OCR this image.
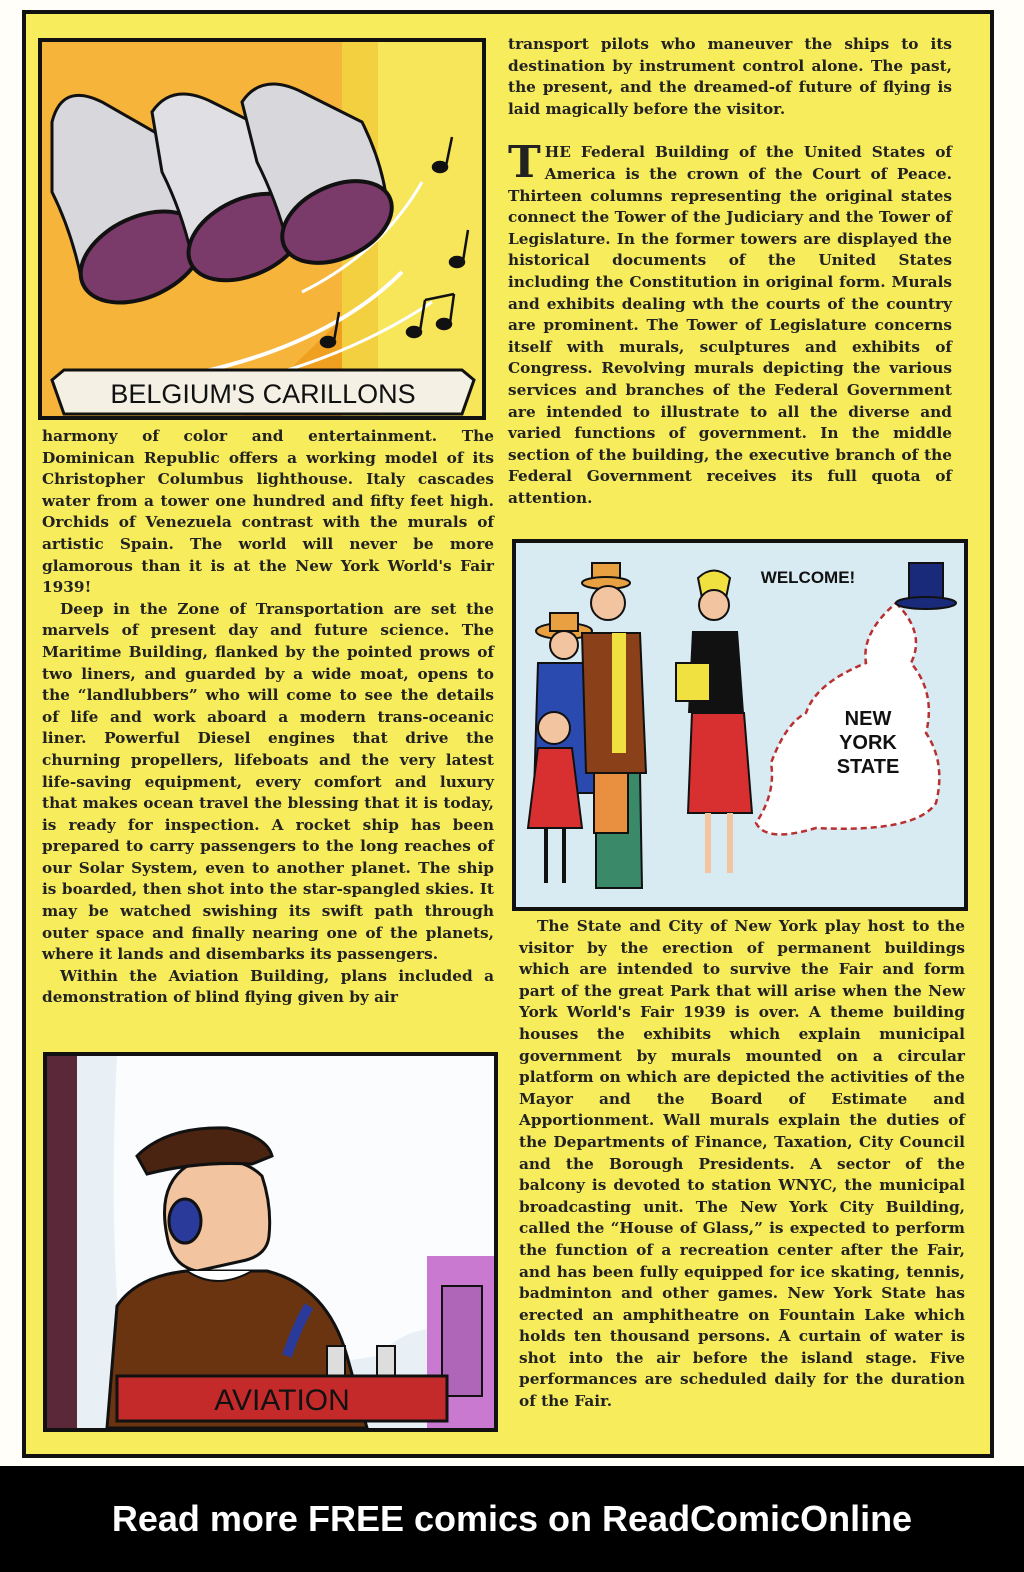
BELGIUM'S CARILLONS

harmony of color and entertainment. The Dominican Republic offers a working model of its Christopher Columbus lighthouse. Italy cascades water from a tower one hundred and fifty feet high. Orchids of Venezuela contrast with the murals of artistic Spain. The world will never be more glamorous than it is at the New York World's Fair 1939!

Deep in the Zone of Transportation are set the marvels of present day and future science. The Maritime Building, flanked by the pointed prows of two liners, and guarded by a wide moat, opens to the “landlubbers” who will come to see the details of life and work aboard a modern trans-oceanic liner. Powerful Diesel engines that drive the churning propellers, lifeboats and the very latest life-saving equipment, every comfort and luxury that makes ocean travel the blessing that it is today, is ready for inspection. A rocket ship has been prepared to carry passengers to the long reaches of our Solar System, even to another planet. The ship is boarded, then shot into the star-spangled skies. It may be watched swishing its swift path through outer space and finally nearing one of the planets, where it lands and disembarks its passengers.

Within the Aviation Building, plans included a demonstration of blind flying given by air

AVIATION

transport pilots who maneuver the ships to its destination by instrument control alone. The past, the present, and the dreamed-of future of flying is laid magically before the visitor.

THE Federal Building of the United States of America is the crown of the Court of Peace. Thirteen columns representing the original states connect the Tower of the Judiciary and the Tower of Legislature. In the former towers are displayed the historical documents of the United States including the Constitution in original form. Murals and exhibits dealing wth the courts of the country are prominent. The Tower of Legislature concerns itself with murals, sculptures and exhibits of Congress. Revolving murals depicting the various services and branches of the Federal Government are intended to illustrate to all the diverse and varied functions of government. In the middle section of the building, the executive branch of the Federal Government receives its full quota of attention.

WELCOME!
NEW
YORK
STATE

The State and City of New York play host to the visitor by the erection of permanent buildings which are intended to survive the Fair and form part of the great Park that will arise when the New York World's Fair 1939 is over. A theme building houses the exhibits which explain municipal government by murals mounted on a circular platform on which are depicted the activities of the Mayor and the Board of Estimate and Apportionment. Wall murals explain the duties of the Departments of Finance, Taxation, City Council and the Borough Presidents. A sector of the balcony is devoted to station WNYC, the municipal broadcasting unit. The New York City Building, called the “House of Glass,” is expected to perform the function of a recreation center after the Fair, and has been fully equipped for ice skating, tennis, badminton and other games. New York State has erected an amphitheatre on Fountain Lake which holds ten thousand persons. A curtain of water is shot into the air before the island stage. Five performances are scheduled daily for the duration of the Fair.

Read more FREE comics on ReadComicOnline
